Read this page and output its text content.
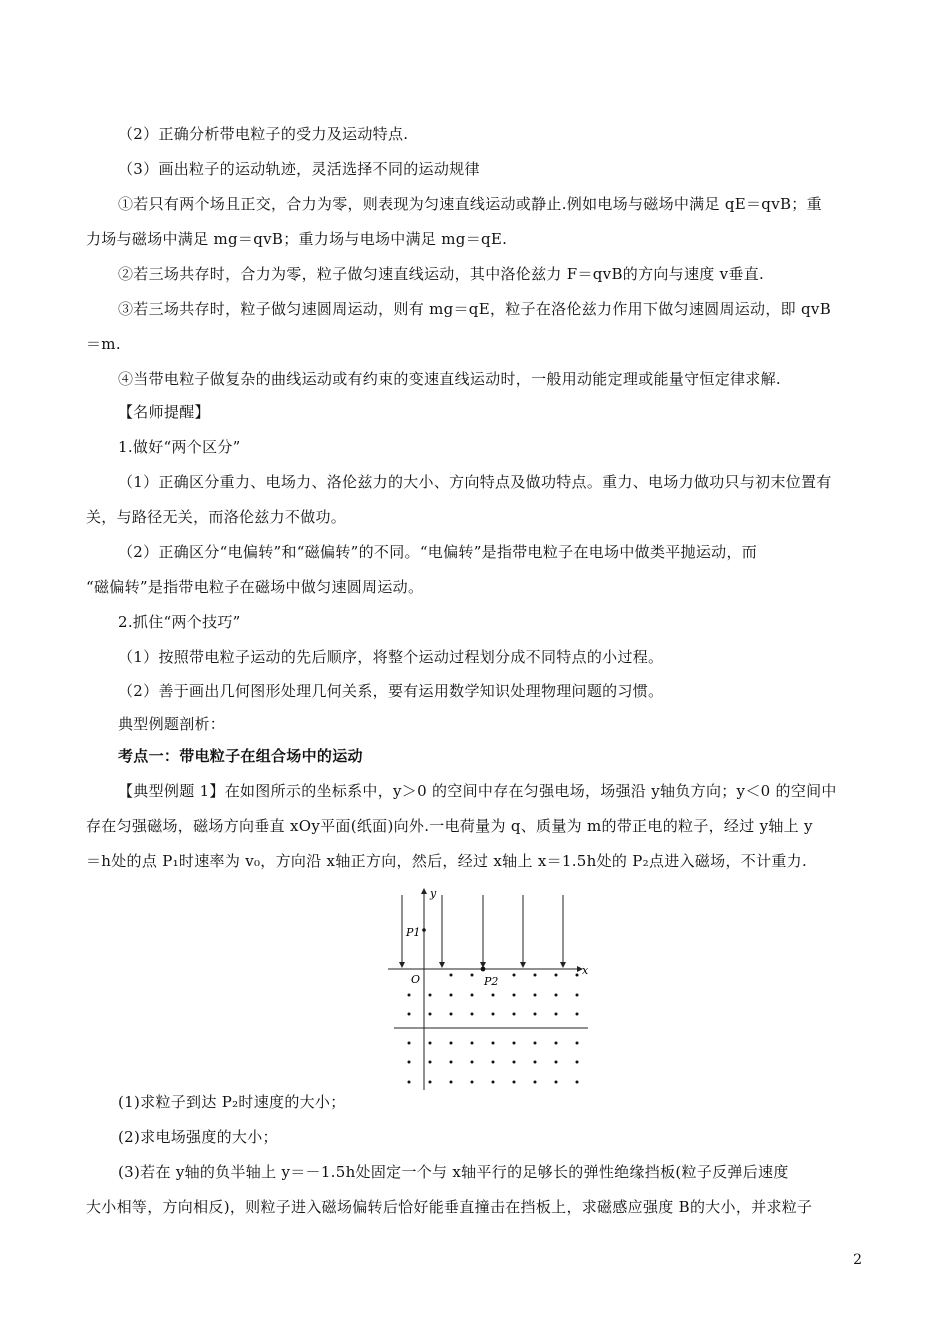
（2）正确分析带电粒子的受力及运动特点.
（3）画出粒子的运动轨迹，灵活选择不同的运动规律
①若只有两个场且正交，合力为零，则表现为匀速直线运动或静止.例如电场与磁场中满足 qE＝qvB；重
力场与磁场中满足 mg＝qvB；重力场与电场中满足 mg＝qE.
②若三场共存时，合力为零，粒子做匀速直线运动，其中洛伦兹力 F＝qvB的方向与速度 v垂直.
③若三场共存时，粒子做匀速圆周运动，则有 mg＝qE，粒子在洛伦兹力作用下做匀速圆周运动，即 qvB
＝m.
④当带电粒子做复杂的曲线运动或有约束的变速直线运动时，一般用动能定理或能量守恒定律求解.
【名师提醒】
1.做好“两个区分”
（1）正确区分重力、电场力、洛伦兹力的大小、方向特点及做功特点。重力、电场力做功只与初末位置有
关，与路径无关，而洛伦兹力不做功。
（2）正确区分“电偏转”和“磁偏转”的不同。“电偏转”是指带电粒子在电场中做类平抛运动，而
“磁偏转”是指带电粒子在磁场中做匀速圆周运动。
2.抓住“两个技巧”
（1）按照带电粒子运动的先后顺序，将整个运动过程划分成不同特点的小过程。
（2）善于画出几何图形处理几何关系，要有运用数学知识处理物理问题的习惯。
典型例题剖析：
考点一：带电粒子在组合场中的运动
【典型例题 1】在如图所示的坐标系中，y＞0 的空间中存在匀强电场，场强沿 y轴负方向；y＜0 的空间中
存在匀强磁场，磁场方向垂直 xOy平面(纸面)向外.一电荷量为 q、质量为 m的带正电的粒子，经过 y轴上 y
＝h处的点 P₁时速率为 v₀，方向沿 x轴正方向，然后，经过 x轴上 x＝1.5h处的 P₂点进入磁场，不计重力.
y
x
O
P1
P2
(1)求粒子到达 P₂时速度的大小；
(2)求电场强度的大小；
(3)若在 y轴的负半轴上 y＝－1.5h处固定一个与 x轴平行的足够长的弹性绝缘挡板(粒子反弹后速度
大小相等，方向相反)，则粒子进入磁场偏转后恰好能垂直撞击在挡板上，求磁感应强度 B的大小，并求粒子
2
